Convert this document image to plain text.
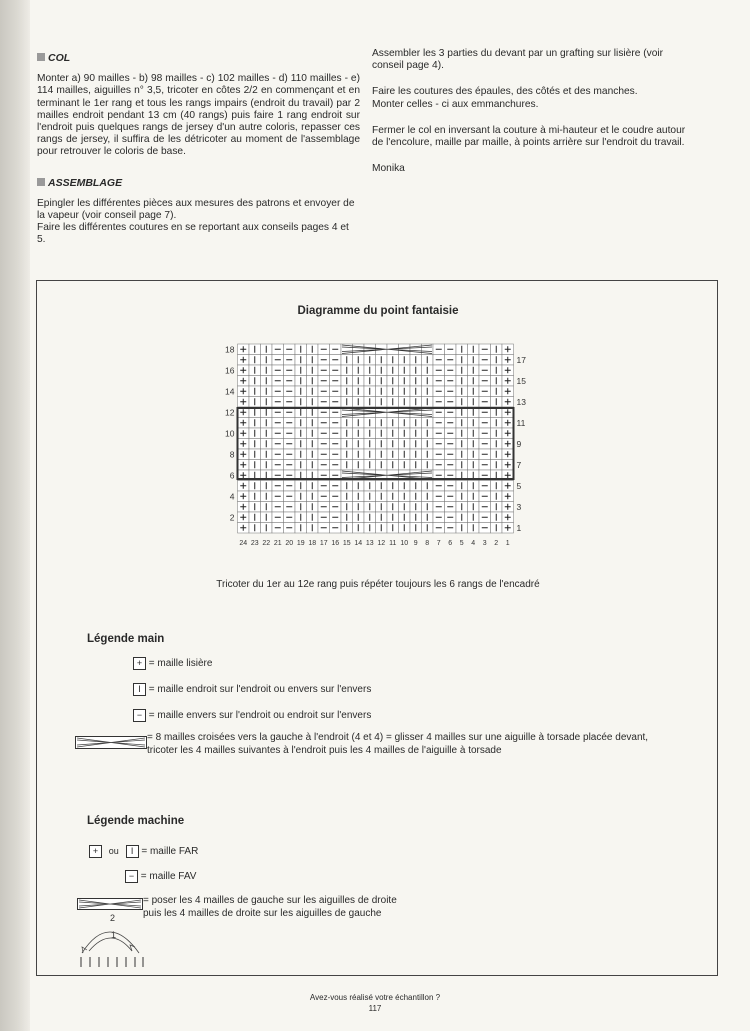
COL

Monter a) 90 mailles - b) 98 mailles - c) 102 mailles - d) 110 mailles - e) 114 mailles, aiguilles n° 3,5, tricoter en côtes 2/2 en commençant et en terminant le 1er rang et tous les rangs impairs (endroit du travail) par 2 mailles endroit pendant 13 cm (40 rangs) puis faire 1 rang endroit sur l'endroit puis quelques rangs de jersey d'un autre coloris, repasser ces rangs de jersey, il suffira de les détricoter au moment de l'assemblage pour retrouver le coloris de base.

ASSEMBLAGE

Epingler les différentes pièces aux mesures des patrons et envoyer de la vapeur (voir conseil page 7).

Faire les différentes coutures en se reportant aux conseils pages 4 et 5.

Assembler les 3 parties du devant par un grafting sur lisière (voir conseil page 4).

Faire les coutures des épaules, des côtés et des manches.

Monter celles - ci aux emmanchures.

Fermer le col en inversant la couture à mi-hauteur et le coudre autour de l'encolure, maille par maille, à points arrière sur l'endroit du travail.

Monika

Diagramme du point fantaisie
18
16
14
12
10
8
6
4
2
17
15
13
11
9
7
5
3
1
24 23 22 21 20 19 18 17 16 15 14 13 12 11 10 9 8 7 6 5 4 3 2 1
Tricoter du 1er au 12e rang puis répéter toujours les 6 rangs de l'encadré
Légende main
+ = maille lisière
I = maille endroit sur l'endroit ou envers sur l'envers
− = maille envers sur l'endroit ou endroit sur l'envers
= 8 mailles croisées vers la gauche à l'endroit (4 et 4) = glisser 4 mailles sur une aiguille à torsade placée devant, tricoter les 4 mailles suivantes à l'endroit puis les 4 mailles de l'aiguille à torsade
Légende machine
+ ou I = maille FAR
− = maille FAV
= poser les 4 mailles de gauche sur les aiguilles de droite puis les 4 mailles de droite sur les aiguilles de gauche
2
1
Avez-vous réalisé votre échantillon ?
117
